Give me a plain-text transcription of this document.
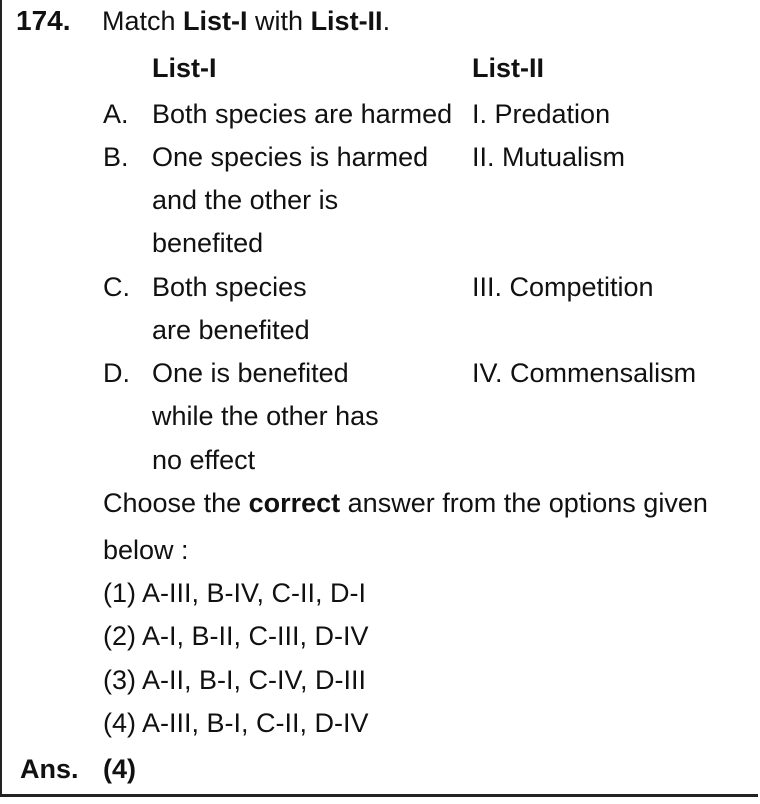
174. Match List-I with List-II.
List-I	List-II
A. Both species are harmed
B. One species is harmed
and the other is
benefited
C. Both species
are benefited
D. One is benefited
while the other has
no effect
I. Predation
II. Mutualism
III. Competition
IV. Commensalism
Choose the correct answer from the options given
below :
(1) A-III, B-IV, C-II, D-I
(2) A-I, B-II, C-III, D-IV
(3) A-II, B-I, C-IV, D-III
(4) A-III, B-I, C-II, D-IV
Ans. (4)
